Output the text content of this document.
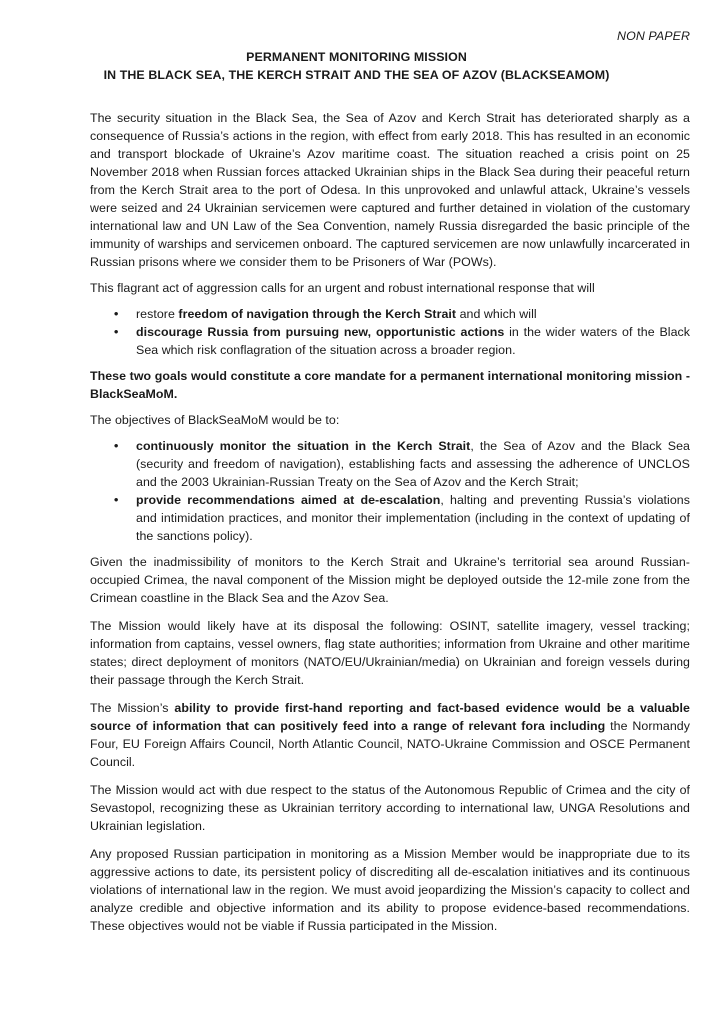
NON PAPER
PERMANENT MONITORING MISSION
IN THE BLACK SEA, THE KERCH STRAIT AND THE SEA OF AZOV (BLACKSEAMOM)

The security situation in the Black Sea, the Sea of Azov and Kerch Strait has deteriorated sharply as a consequence of Russia’s actions in the region, with effect from early 2018. This has resulted in an economic and transport blockade of Ukraine’s Azov maritime coast. The situation reached a crisis point on 25 November 2018 when Russian forces attacked Ukrainian ships in the Black Sea during their peaceful return from the Kerch Strait area to the port of Odesa. In this unprovoked and unlawful attack, Ukraine’s vessels were seized and 24 Ukrainian servicemen were captured and further detained in violation of the customary international law and UN Law of the Sea Convention, namely Russia disregarded the basic principle of the immunity of warships and servicemen onboard. The captured servicemen are now unlawfully incarcerated in Russian prisons where we consider them to be Prisoners of War (POWs).

This flagrant act of aggression calls for an urgent and robust international response that will

• restore freedom of navigation through the Kerch Strait and which will
• discourage Russia from pursuing new, opportunistic actions in the wider waters of the Black Sea which risk conflagration of the situation across a broader region.

These two goals would constitute a core mandate for a permanent international monitoring mission - BlackSeaMoM.

The objectives of BlackSeaMoM would be to:

• continuously monitor the situation in the Kerch Strait, the Sea of Azov and the Black Sea (security and freedom of navigation), establishing facts and assessing the adherence of UNCLOS and the 2003 Ukrainian-Russian Treaty on the Sea of Azov and the Kerch Strait;
• provide recommendations aimed at de-escalation, halting and preventing Russia’s violations and intimidation practices, and monitor their implementation (including in the context of updating of the sanctions policy).

Given the inadmissibility of monitors to the Kerch Strait and Ukraine’s territorial sea around Russian-occupied Crimea, the naval component of the Mission might be deployed outside the 12-mile zone from the Crimean coastline in the Black Sea and the Azov Sea.

The Mission would likely have at its disposal the following: OSINT, satellite imagery, vessel tracking; information from captains, vessel owners, flag state authorities; information from Ukraine and other maritime states; direct deployment of monitors (NATO/EU/Ukrainian/media) on Ukrainian and foreign vessels during their passage through the Kerch Strait.

The Mission’s ability to provide first-hand reporting and fact-based evidence would be a valuable source of information that can positively feed into a range of relevant fora including the Normandy Four, EU Foreign Affairs Council, North Atlantic Council, NATO-Ukraine Commission and OSCE Permanent Council.

The Mission would act with due respect to the status of the Autonomous Republic of Crimea and the city of Sevastopol, recognizing these as Ukrainian territory according to international law, UNGA Resolutions and Ukrainian legislation.

Any proposed Russian participation in monitoring as a Mission Member would be inappropriate due to its aggressive actions to date, its persistent policy of discrediting all de-escalation initiatives and its continuous violations of international law in the region. We must avoid jeopardizing the Mission’s capacity to collect and analyze credible and objective information and its ability to propose evidence-based recommendations. These objectives would not be viable if Russia participated in the Mission.
